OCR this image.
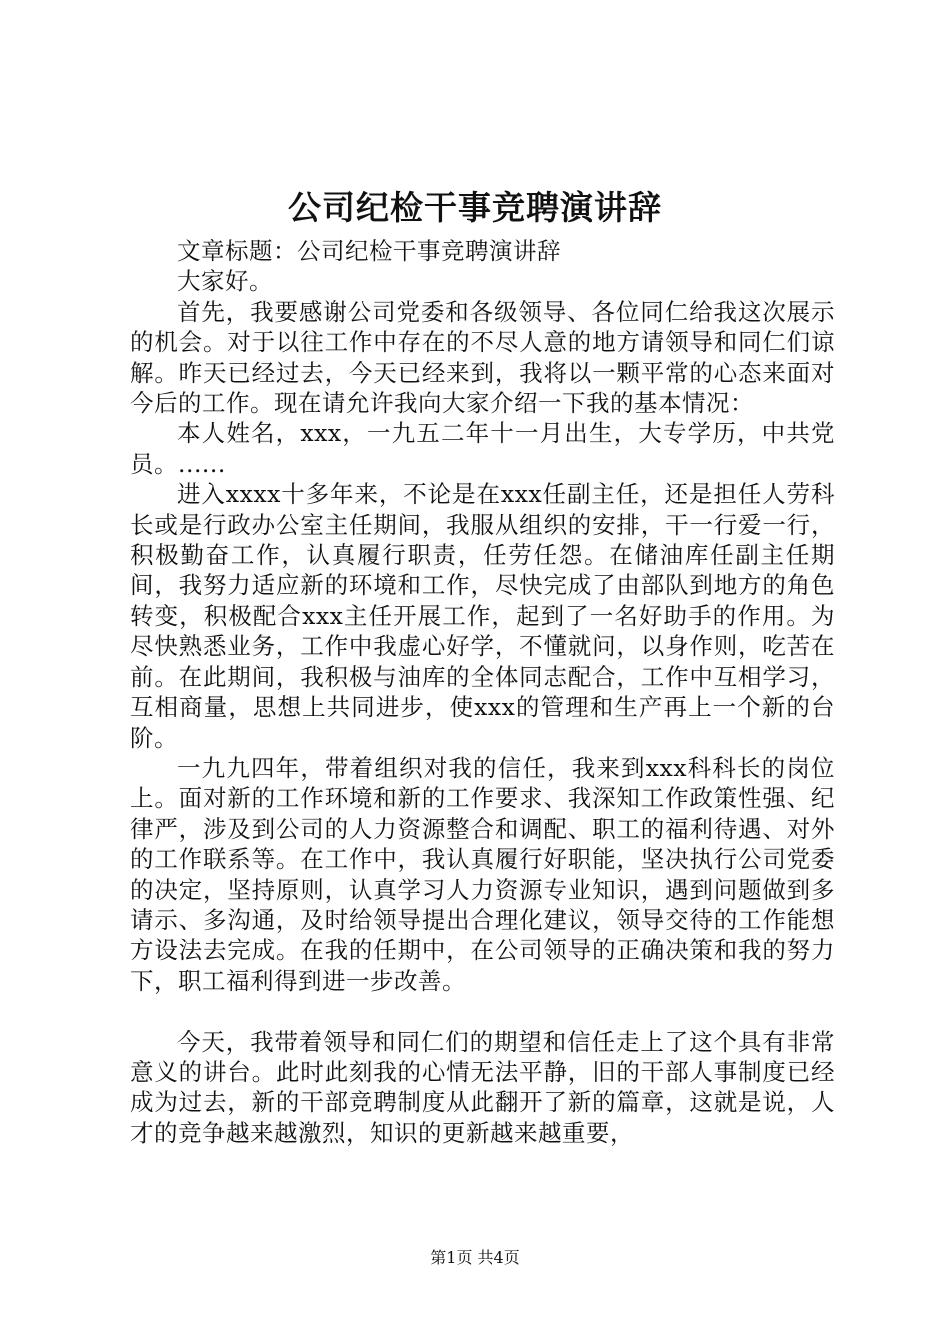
公司纪检干事竞聘演讲辞

文章标题：公司纪检干事竞聘演讲辞

大家好。

首先，我要感谢公司党委和各级领导、各位同仁给我这次展示的机会。对于以往工作中存在的不尽人意的地方请领导和同仁们谅解。昨天已经过去，今天已经来到，我将以一颗平常的心态来面对今后的工作。现在请允许我向大家介绍一下我的基本情况：

本人姓名，xxx，一九五二年十一月出生，大专学历，中共党员。......

进入xxxx十多年来，不论是在xxx任副主任，还是担任人劳科长或是行政办公室主任期间，我服从组织的安排，干一行爱一行，积极勤奋工作，认真履行职责，任劳任怨。在储油库任副主任期间，我努力适应新的环境和工作，尽快完成了由部队到地方的角色转变，积极配合xxx主任开展工作，起到了一名好助手的作用。为尽快熟悉业务，工作中我虚心好学，不懂就问，以身作则，吃苦在前。在此期间，我积极与油库的全体同志配合，工作中互相学习，互相商量，思想上共同进步，使xxx的管理和生产再上一个新的台阶。

一九九四年，带着组织对我的信任，我来到xxx科科长的岗位上。面对新的工作环境和新的工作要求、我深知工作政策性强、纪律严，涉及到公司的人力资源整合和调配、职工的福利待遇、对外的工作联系等。在工作中，我认真履行好职能，坚决执行公司党委的决定，坚持原则，认真学习人力资源专业知识，遇到问题做到多请示、多沟通，及时给领导提出合理化建议，领导交待的工作能想方设法去完成。在我的任期中，在公司领导的正确决策和我的努力下，职工福利得到进一步改善。

今天，我带着领导和同仁们的期望和信任走上了这个具有非常意义的讲台。此时此刻我的心情无法平静，旧的干部人事制度已经成为过去，新的干部竞聘制度从此翻开了新的篇章，这就是说，人才的竞争越来越激烈，知识的更新越来越重要，

第1页 共4页
